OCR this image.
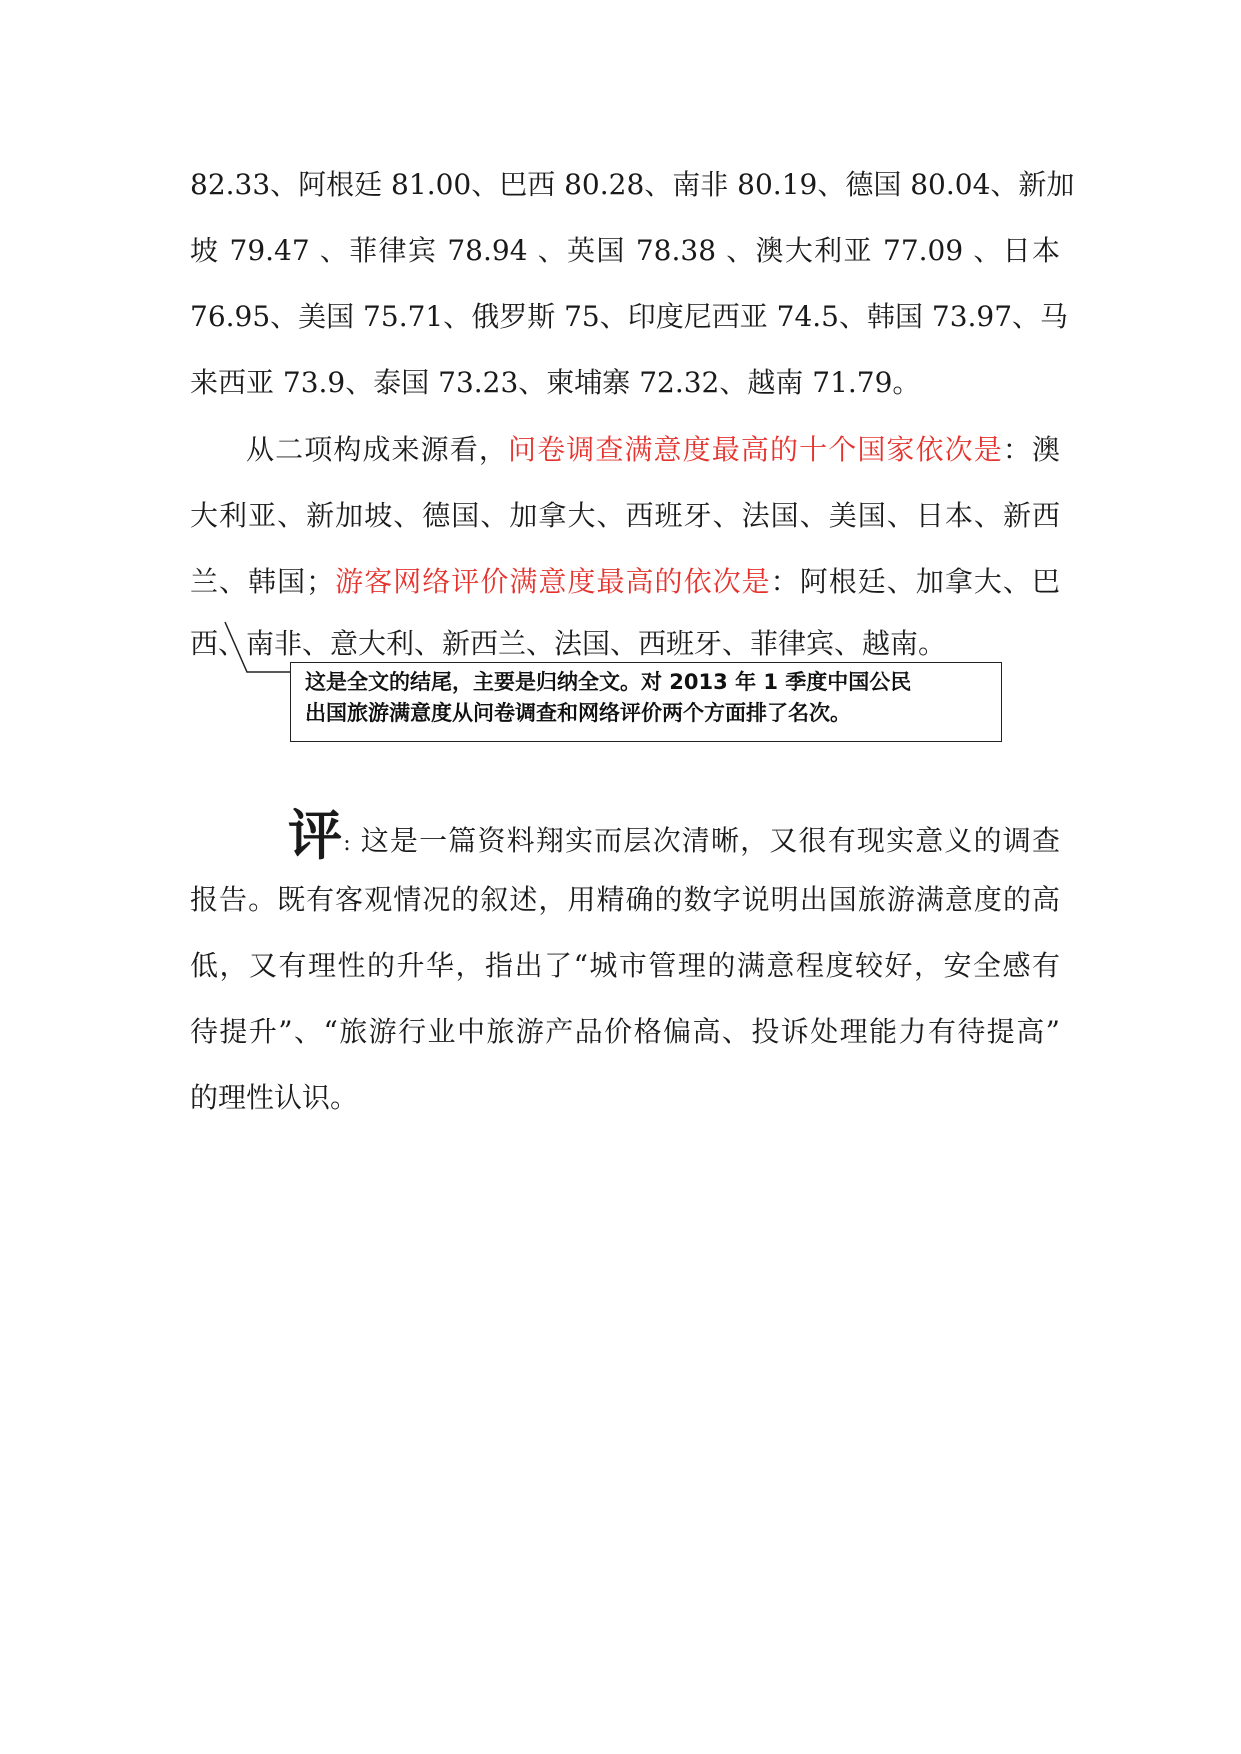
82.33、阿根廷 81.00、巴西 80.28、南非 80.19、德国 80.04、新加
坡 79.47 、菲律宾 78.94 、英国 78.38 、澳大利亚 77.09 、日本
76.95、美国 75.71、俄罗斯 75、印度尼西亚 74.5、韩国 73.97、马
来西亚 73.9、泰国 73.23、柬埔寨 72.32、越南 71.79。
从二项构成来源看，问卷调查满意度最高的十个国家依次是：澳
大利亚、新加坡、德国、加拿大、西班牙、法国、美国、日本、新西
兰、韩国；游客网络评价满意度最高的依次是：阿根廷、加拿大、巴
西、南非、意大利、新西兰、法国、西班牙、菲律宾、越南。
这是全文的结尾，主要是归纳全文。对 2013 年 1 季度中国公民
出国旅游满意度从问卷调查和网络评价两个方面排了名次。
评: 这是一篇资料翔实而层次清晰，又很有现实意义的调查
报告。既有客观情况的叙述，用精确的数字说明出国旅游满意度的高
低，又有理性的升华，指出了“城市管理的满意程度较好，安全感有
待提升”、“旅游行业中旅游产品价格偏高、投诉处理能力有待提高”
的理性认识。
